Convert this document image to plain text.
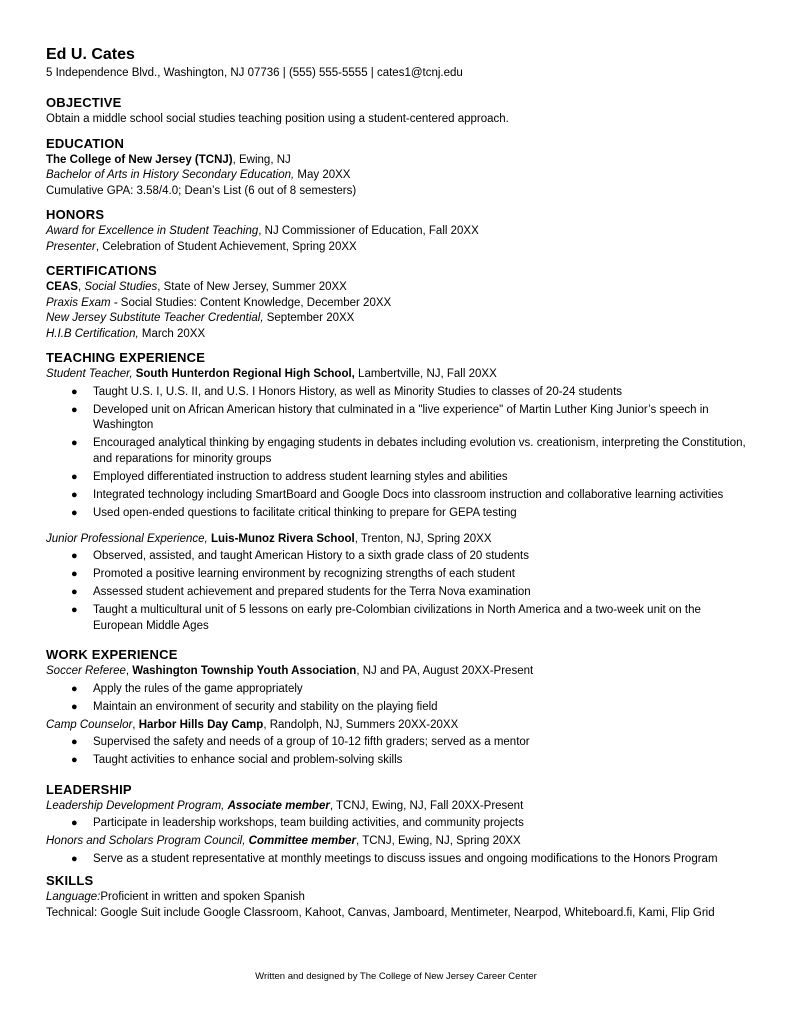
Ed U. Cates

5 Independence Blvd., Washington, NJ 07736 | (555) 555-5555 | cates1@tcnj.edu

OBJECTIVE

Obtain a middle school social studies teaching position using a student-centered approach.

EDUCATION

The College of New Jersey (TCNJ), Ewing, NJ

Bachelor of Arts in History Secondary Education, May 20XX

Cumulative GPA: 3.58/4.0; Dean’s List (6 out of 8 semesters)

HONORS

Award for Excellence in Student Teaching, NJ Commissioner of Education, Fall 20XX

Presenter, Celebration of Student Achievement, Spring 20XX

CERTIFICATIONS

CEAS, Social Studies, State of New Jersey, Summer 20XX

Praxis Exam - Social Studies: Content Knowledge, December 20XX

New Jersey Substitute Teacher Credential, September 20XX

H.I.B Certification, March 20XX

TEACHING EXPERIENCE

Student Teacher, South Hunterdon Regional High School, Lambertville, NJ, Fall 20XX

● Taught U.S. I, U.S. II, and U.S. I Honors History, as well as Minority Studies to classes of 20-24 students
● Developed unit on African American history that culminated in a "live experience" of Martin Luther King Junior’s speech in Washington
● Encouraged analytical thinking by engaging students in debates including evolution vs. creationism, interpreting the Constitution, and reparations for minority groups
● Employed differentiated instruction to address student learning styles and abilities
● Integrated technology including SmartBoard and Google Docs into classroom instruction and collaborative learning activities
● Used open-ended questions to facilitate critical thinking to prepare for GEPA testing

Junior Professional Experience, Luis-Munoz Rivera School, Trenton, NJ, Spring 20XX

● Observed, assisted, and taught American History to a sixth grade class of 20 students
● Promoted a positive learning environment by recognizing strengths of each student
● Assessed student achievement and prepared students for the Terra Nova examination
● Taught a multicultural unit of 5 lessons on early pre-Colombian civilizations in North America and a two-week unit on the European Middle Ages

WORK EXPERIENCE

Soccer Referee, Washington Township Youth Association, NJ and PA, August 20XX-Present

● Apply the rules of the game appropriately
● Maintain an environment of security and stability on the playing field

Camp Counselor, Harbor Hills Day Camp, Randolph, NJ, Summers 20XX-20XX

● Supervised the safety and needs of a group of 10-12 fifth graders; served as a mentor
● Taught activities to enhance social and problem-solving skills

LEADERSHIP

Leadership Development Program, Associate member, TCNJ, Ewing, NJ, Fall 20XX-Present

● Participate in leadership workshops, team building activities, and community projects

Honors and Scholars Program Council, Committee member, TCNJ, Ewing, NJ, Spring 20XX

● Serve as a student representative at monthly meetings to discuss issues and ongoing modifications to the Honors Program

SKILLS

Language:Proficient in written and spoken Spanish

Technical: Google Suit include Google Classroom, Kahoot, Canvas, Jamboard, Mentimeter, Nearpod, Whiteboard.fi, Kami, Flip Grid

Written and designed by The College of New Jersey Career Center
